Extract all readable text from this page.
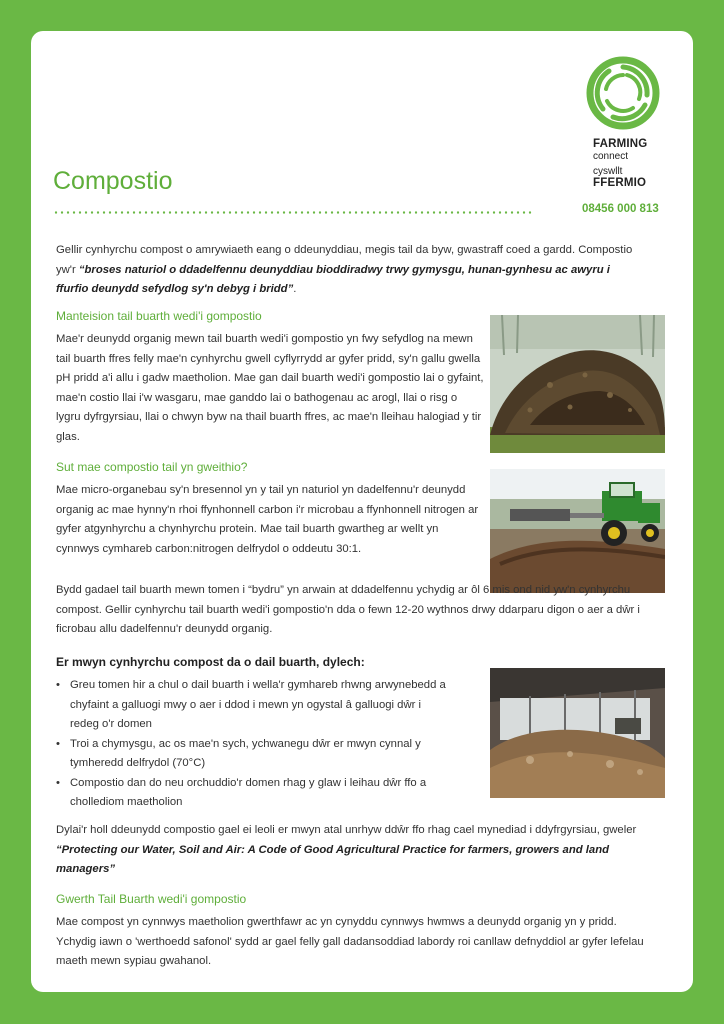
FARMING
connect
cyswllt
FFERMIO
08456 000 813
Compostio
Gellir cynhyrchu compost o amrywiaeth eang o ddeunyddiau, megis tail da byw, gwastraff coed a gardd. Compostio yw'r “broses naturiol o ddadelfennu deunyddiau bioddiradwy trwy gymysgu, hunan-gynhesu ac awyru i ffurfio deunydd sefydlog sy'n debyg i bridd”.
Manteision tail buarth wedi'i gompostio
Mae'r deunydd organig mewn tail buarth wedi'i gompostio yn fwy sefydlog na mewn tail buarth ffres felly mae'n cynhyrchu gwell cyflyrrydd ar gyfer pridd, sy'n gallu gwella pH pridd a'i allu i gadw maetholion. Mae gan dail buarth wedi'i gompostio lai o gyfaint, mae'n costio llai i'w wasgaru, mae ganddo lai o bathogenau ac arogl, llai o risg o lygru dyfrgyrsiau, llai o chwyn byw na thail buarth ffres, ac mae'n lleihau halogiad y tir glas.
Sut mae compostio tail yn gweithio?
Mae micro-organebau sy'n bresennol yn y tail yn naturiol yn dadelfennu'r deunydd organig ac mae hynny'n rhoi ffynhonnell carbon i'r microbau a ffynhonnell nitrogen ar gyfer atgynhyrchu a chynhyrchu protein. Mae tail buarth gwartheg ar wellt yn cynnwys cymhareb carbon:nitrogen delfrydol o oddeutu 30:1.
Bydd gadael tail buarth mewn tomen i “bydru” yn arwain at ddadelfennu ychydig ar ôl 6 mis ond nid yw'n cynhyrchu compost. Gellir cynhyrchu tail buarth wedi'i gompostio'n dda o fewn 12-20 wythnos drwy ddarparu digon o aer a dŵr i ficrobau allu dadelfennu'r deunydd organig.
Er mwyn cynhyrchu compost da o dail buarth, dylech:
• Greu tomen hir a chul o dail buarth i wella'r gymhareb rhwng arwynebedd a chyfaint a galluogi mwy o aer i ddod i mewn yn ogystal â galluogi dŵr i redeg o'r domen
• Troi a chymysgu, ac os mae'n sych, ychwanegu dŵr er mwyn cynnal y tymheredd delfrydol (70°C)
• Compostio dan do neu orchuddio'r domen rhag y glaw i leihau dŵr ffo a chollediom maetholion
Dylai'r holl ddeunydd compostio gael ei leoli er mwyn atal unrhyw ddŵr ffo rhag cael mynediad i ddyfrgyrsiau, gweler “Protecting our Water, Soil and Air: A Code of Good Agricultural Practice for farmers, growers and land managers”
Gwerth Tail Buarth wedi'i gompostio
Mae compost yn cynnwys maetholion gwerthfawr ac yn cynyddu cynnwys hwmws a deunydd organig yn y pridd. Ychydig iawn o 'werthoedd safonol' sydd ar gael felly gall dadansoddiad labordy roi canllaw defnyddiol ar gyfer lefelau maeth mewn sypiau gwahanol.
